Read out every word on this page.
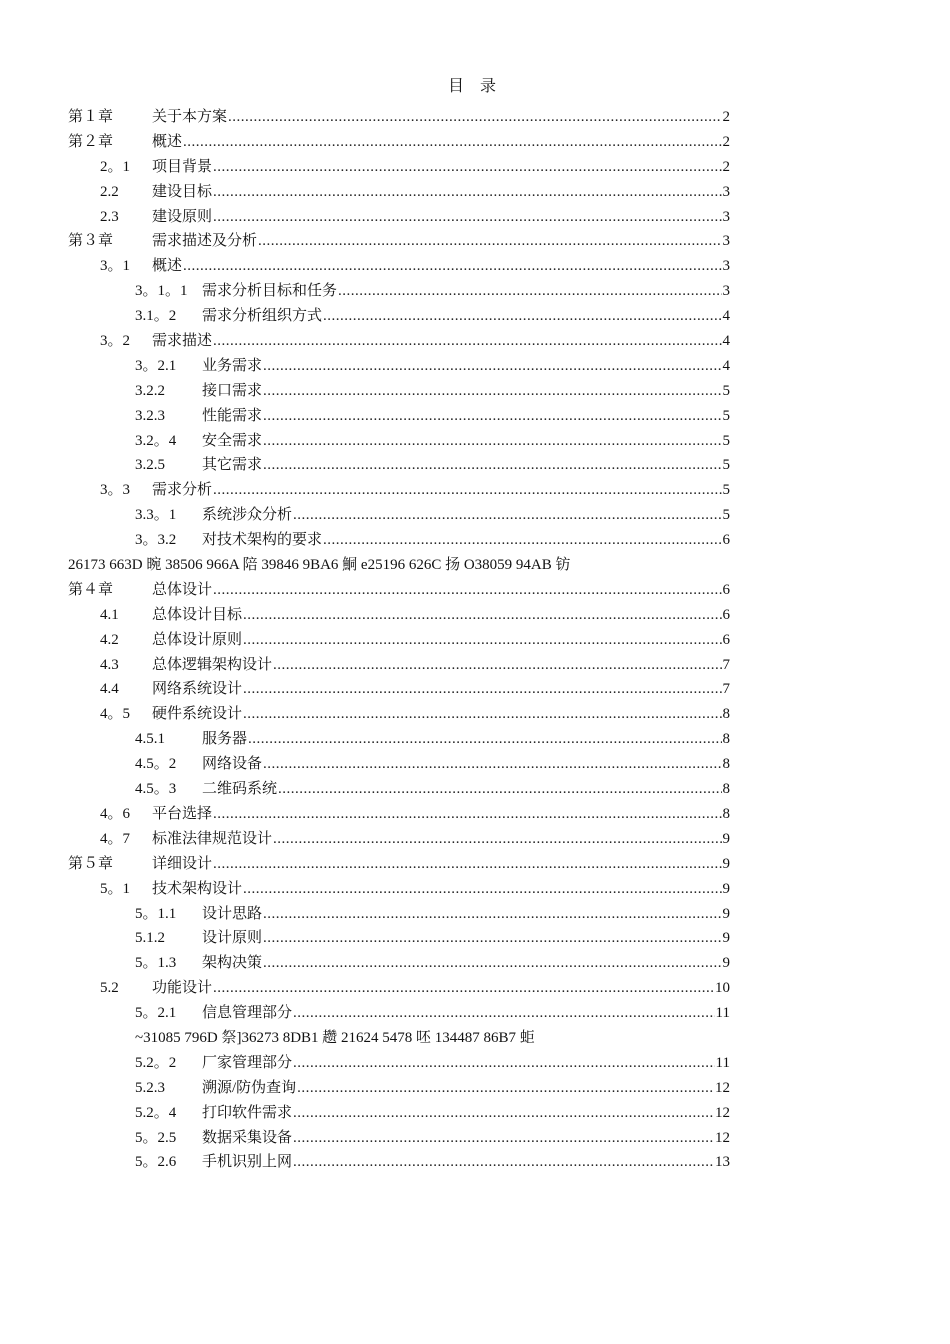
目 录
第１章	关于本方案 .....	2
第２章	概述 .....	2
2。1	项目背景 .....	2
2.2	建设目标 .....	3
2.3	建设原则 .....	3
第３章	需求描述及分析 .....	3
3。1	概述 .....	3
3。1。1 需求分析目标和任务 .....	3
3.1。2	需求分析组织方式 .....	4
3。2	需求描述 .....	4
3。2.1	业务需求 .....	4
3.2.2	接口需求 .....	5
3.2.3	性能需求 .....	5
3.2。4	安全需求 .....	5
3.2.5	其它需求 .....	5
3。3	需求分析 .....	5
3.3。1	系统涉众分析 .....	5
3。3.2	对技术架构的要求 .....	6
26173 663D 晼 38506 966A 陪 39846 9BA6 鮦 e25196 626C 扬 O38059 94AB 钫
第４章	总体设计 .....	6
4.1	总体设计目标 .....	6
4.2	总体设计原则 .....	6
4.3	总体逻辑架构设计 .....	7
4.4	网络系统设计 .....	7
4。5	硬件系统设计 .....	8
4.5.1	服务器 .....	8
4.5。2	网络设备 .....	8
4.5。3	二维码系统 .....	8
4。6	平台选择 .....	8
4。7	标准法律规范设计 .....	9
第５章	详细设计 .....	9
5。1	技术架构设计 .....	9
5。1.1	设计思路 .....	9
5.1.2	设计原则 .....	9
5。1.3	架构决策 .....	9
5.2	功能设计 .....	10
5。2.1	信息管理部分 .....	11
~31085 796D 祭]36273 8DB1 趱 21624 5478 呸 134487 86B7 蚷
5.2。2	厂家管理部分 .....	11
5.2.3	溯源/防伪查询 .....	12
5.2。4	打印软件需求 .....	12
5。2.5	数据采集设备 .....	12
5。2.6	手机识别上网 .....	13
